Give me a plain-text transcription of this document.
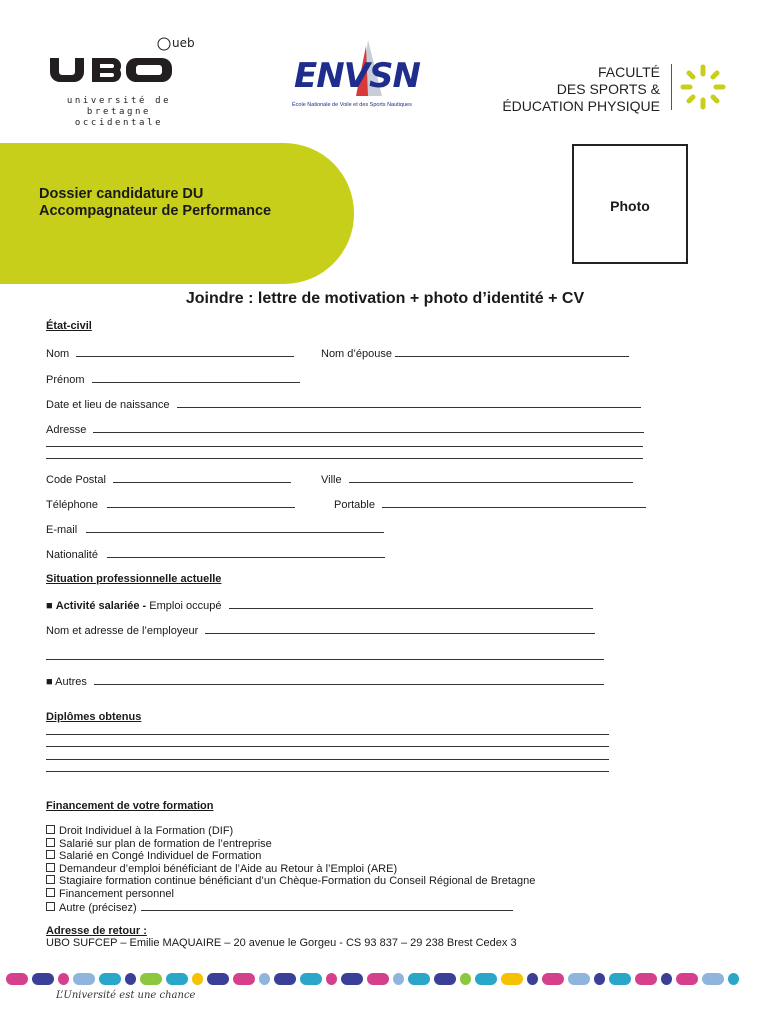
ueb
université de bretagne
occidentale
ENVSN
École Nationale de Voile et des Sports Nautiques
FACULTÉ
DES SPORTS &
ÉDUCATION PHYSIQUE
Dossier candidature DU
Accompagnateur de Performance	Photo
Joindre : lettre de motivation + photo d’identité + CV
État-civil
Nom	Nom d’épouse
Prénom
Date et lieu de naissance
Adresse
Code Postal	Ville
Téléphone	Portable
E-mail
Nationalité
Situation professionnelle actuelle
■ Activité salariée - Emploi occupé
Nom et adresse de l’employeur
■ Autres
Diplômes obtenus
Financement de votre formation
Droit Individuel à la Formation (DIF)
Salarié sur plan de formation de l’entreprise
Salarié en Congé Individuel de Formation
Demandeur d’emploi bénéficiant de l’Aide au Retour à l’Emploi (ARE)
Stagiaire formation continue bénéficiant d’un Chèque-Formation du Conseil Régional de Bretagne
Financement personnel
Autre (précisez)
Adresse de retour :
UBO SUFCEP – Emilie MAQUAIRE – 20 avenue le Gorgeu - CS 93 837 – 29 238 Brest Cedex 3
L’Université est une chance
